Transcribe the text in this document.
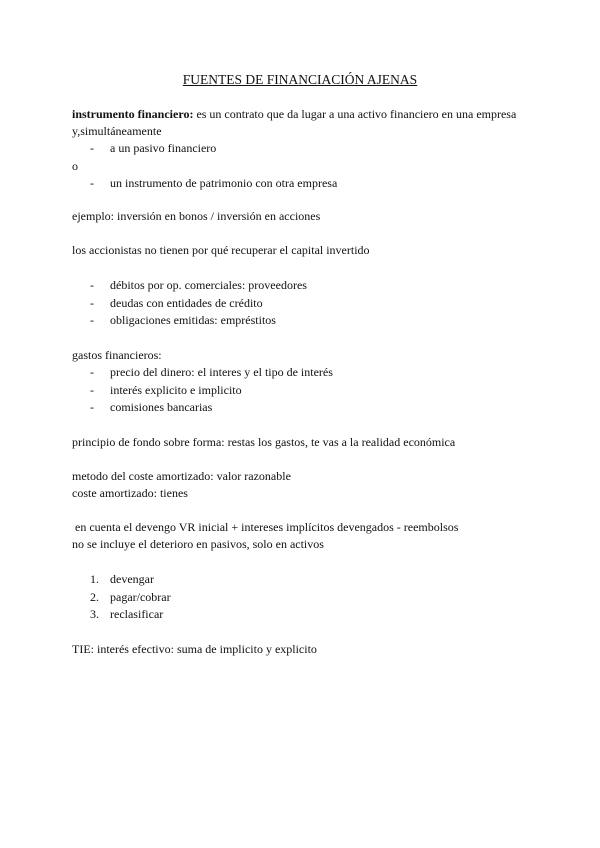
FUENTES DE FINANCIACIÓN AJENAS

instrumento financiero: es un contrato que da lugar a una activo financiero en una empresa y,simultáneamente

- a un pasivo financiero

o

- un instrumento de patrimonio con otra empresa

ejemplo: inversión en bonos / inversión en acciones

los accionistas no tienen por qué recuperar el capital invertido

- débitos por op. comerciales: proveedores
- deudas con entidades de crédito
- obligaciones emitidas: empréstitos

gastos financieros:

- precio del dinero: el interes y el tipo de interés
- interés explicito e implicito
- comisiones bancarias

principio de fondo sobre forma: restas los gastos, te vas a la realidad económica

metodo del coste amortizado: valor razonable

coste amortizado: tienes

en cuenta el devengo VR inicial + intereses implícitos devengados - reembolsos

no se incluye el deterioro en pasivos, solo en activos

1. devengar
2. pagar/cobrar
3. reclasificar

TIE: interés efectivo: suma de implicito y explicito
